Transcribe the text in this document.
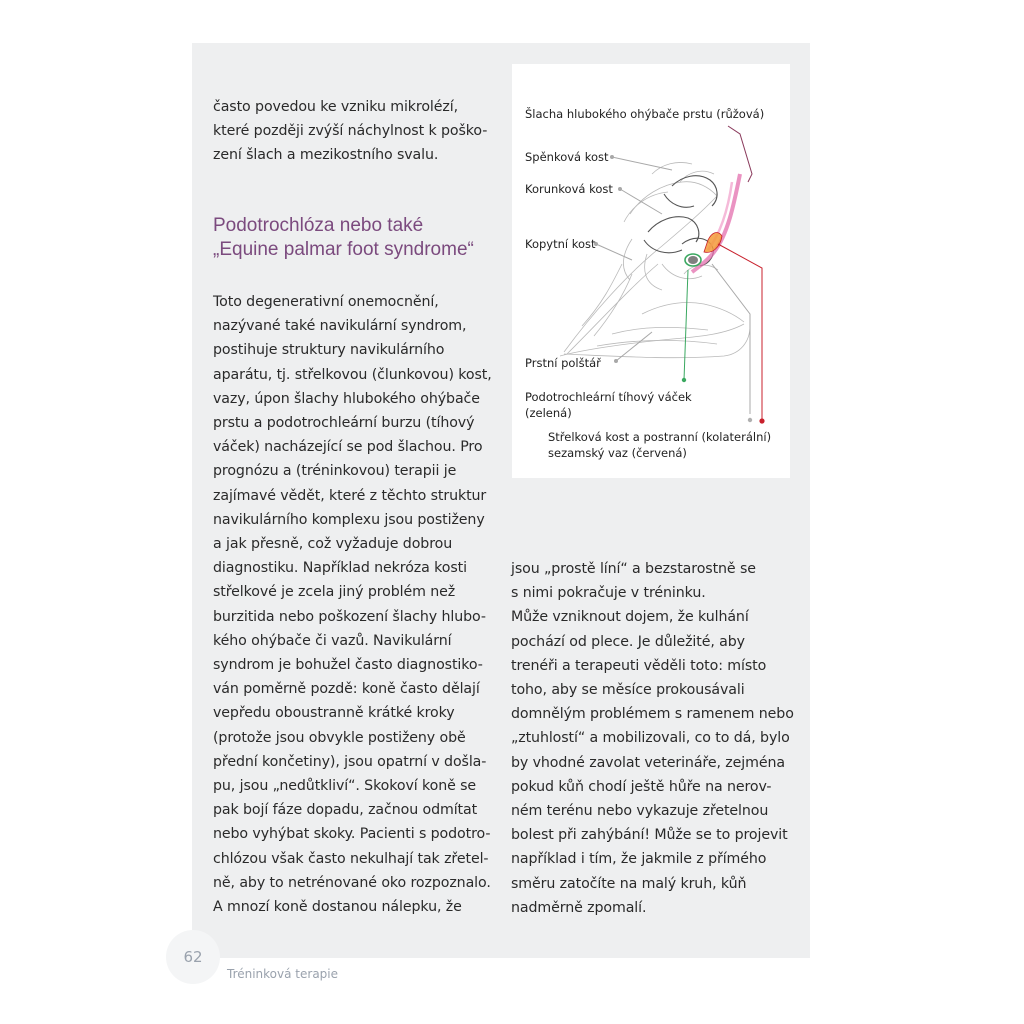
často povedou ke vzniku mikrolézí,

které později zvýší náchylnost k poško-

zení šlach a mezikostního svalu.

Podotrochlóza nebo také
„Equine palmar foot syndrome“

Toto degenerativní onemocnění,

nazývané také navikulární syndrom,

postihuje struktury navikulárního

aparátu, tj. střelkovou (člunkovou) kost,

vazy, úpon šlachy hlubokého ohýbače

prstu a podotrochleární burzu (tíhový

váček) nacházející se pod šlachou. Pro

prognózu a (tréninkovou) terapii je

zajímavé vědět, které z těchto struktur

navikulárního komplexu jsou postiženy

a jak přesně, což vyžaduje dobrou

diagnostiku. Například nekróza kosti

střelkové je zcela jiný problém než

burzitida nebo poškození šlachy hlubo-

kého ohýbače či vazů. Navikulární

syndrom je bohužel často diagnostiko-

ván poměrně pozdě: koně často dělají

vepředu oboustranně krátké kroky

(protože jsou obvykle postiženy obě

přední končetiny), jsou opatrní v došla-

pu, jsou „nedůtkliví“. Skokoví koně se

pak bojí fáze dopadu, začnou odmítat

nebo vyhýbat skoky. Pacienti s podotro-

chlózou však často nekulhají tak zřetel-

ně, aby to netrénované oko rozpoznalo.

A mnozí koně dostanou nálepku, že

jsou „prostě líní“ a bezstarostně se

s nimi pokračuje v tréninku.

Může vzniknout dojem, že kulhání

pochází od plece. Je důležité, aby

trenéři a terapeuti věděli toto: místo

toho, aby se měsíce prokousávali

domnělým problémem s ramenem nebo

„ztuhlostí“ a mobilizovali, co to dá, bylo

by vhodné zavolat veterináře, zejména

pokud kůň chodí ještě hůře na nerov-

ném terénu nebo vykazuje zřetelnou

bolest při zahýbání! Může se to projevit

například i tím, že jakmile z přímého

směru zatočíte na malý kruh, kůň

nadměrně zpomalí.

Šlacha hlubokého ohýbače prstu (růžová)
Spěnková kost
Korunková kost
Kopytní kost
Prstní polštář
Podotrochleární tíhový váček
(zelená)
Střelková kost a postranní (kolaterální)
sezamský vaz (červená)
62
Tréninková terapie
